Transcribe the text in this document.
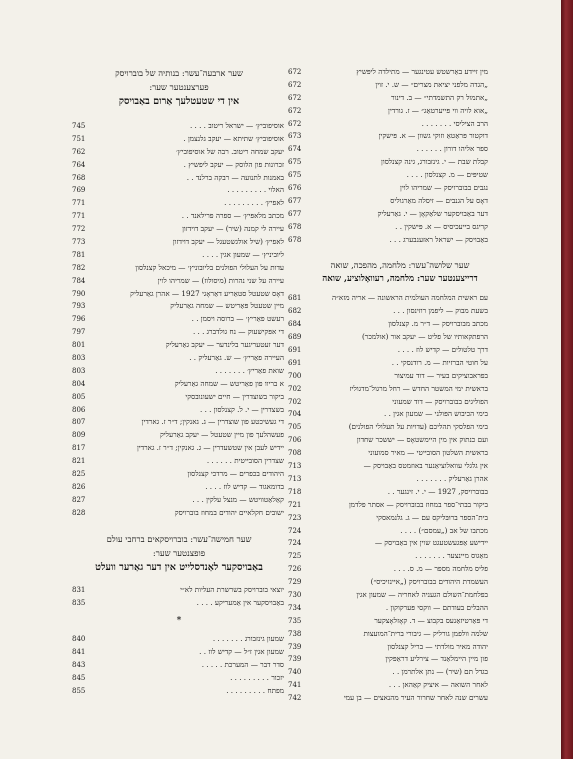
672	מין זיידע באַרשטש עטינגער — מתילדה ליפּשיץ
672	„הגדה מלפני יציאת מצרים״ — ש. י. זוין
672	„אתמול רק התשמדתי״ — ב. דינור
672	„אוא לויה ווי פּייערטאַג״ — ז. גורדין
672	הרב הציליסי . . . . . . .
673	דוקטור פּראַטאַ וזוקי גשוון — א. פּישקין
674	ספר אליהו דורון . . . . . .
675	קבלת שבת — י. גינזבורג, גינה קצנלסון
675	שטיפּים — מ. קצנלסון . . . .
676	נגבים בבוברויסק — שמריהו לוין
677	דאָס על הגנבים — זיסלה מאַרגוליס
677	דער באַבויסקער שלאַקאָן — י. גאַרעליק
678	קריגס בייעכיסיס — א. פּישקין . .
678	באַבויסק — ישראל ראזענבערג . . .
שער שלושה־עשר: מלחמה, מהפכה, שואה
דרייצענטער שער: מלחמה, רעוואָלוציע, שואה
681	עם ראשית המלחמה העולמית הראשונה — אריה מזא״ה
682	בשעת מבוק — ליפמן רוזינסון . . .
684	מכתב מבוברויסק — ד״ר מ. קצנלסון
689	הרפתקאותיו של פליט — יעקב אור (אולמכר)
691	דרך טלטולים — קדיש לוז . . . .
691	על חוטי הברזיות — מ. רודנסקי . .
700	בפראבוציקים בעיר — דוד עמיצור
702	בראשית ימי המשטר החדש — רחל מרגול־מדגוליז
702	הפוליגים בבוברויסק — דוד שמעוני
704	בימי הכיבוש הפּולני — שמעון אגין . .
705	בימי הפלסקי תהליכם (עדויות על תעלולי הפולנים)
706	ועם כנתוק אין מין היימשטאָס — יששכר שחדון
708	בראשית השלטון הסובייטי — מאיר סמועוני
713	אין גלגלי עוואלוציאַנער באוזמטס באַבויסק —
713	אהרן גאַרעליק . . . . . . .
718	בבוברויסק, 1927 — י. י. זינגער . .
721	ביקור בבתי־ספר במחוז בבוברויסק — אסתר פלדמן
723	בית־הספר ברוּבּליקס עם — ג. גלנמאסקי
724	מכתבו של אב („עמסם״) . . . .
724	יידישע אַפּגעשטעגט שוין אין באַבויסק —
725	מאַגוס מיינצער . . . . . . .
726	פליס מלחמה מספר — מ. ס. . . .
729	העשמדת היהודים בבוברויסק („איינזיכיס״)
730	בפלחמת־השולם הגעניה לאחריה — שמעון אגין
734	ההבלים בעודתם — ווקסי פּערקוקון .
735	די פּאַרטיזאַנעס בקבוצ — ד. קאָזלאָצקער
738	שלמה וולפמן גורליק — גיבורי ברית־המועצות
739	יהודה מאיר מולדתי — בריל קצנלסון
739	פון מיין היימלאַנד — צירליע דראַפּקין
740	בגדל תם (שיר) — נתן אלתרמן . .
741	לאחר השואה — איציק קאַהאן . . .
742	עשרים שנה לאחר שחרור העיר מהנאצים — בן עמי
שער ארבעה־עשר: בנותיה של בוברויסק
פערצענטער שער:
אין די שטעטלעך אַרום באַבויסק
745	אוסיפוביץ׳ — ישראל ריטוב . . . .
751	אוסיפוביץ׳ שתיתא — יעקב גלנצמן .
762	יעקב שמחה ריטוב. רבה של אוסיפוביץ׳
764	זכרונות פון הלוסק — יעקב ליפשיץ .
768	באמנות לתנועה — רבקה ברלנד . .
769	האלוי . . . . . . . . .
771	לאפיץ׳ . . . . . . . . .
771	מכתב מלאפּיץ׳ — ספרה פרילאנד . .
772	עיירה לי קמנה (שיר) — יעקב דוידזון
773	לאפיץ׳ (שיל אולגשטעגל — יעקב דוידזון
781	ליוביניץ׳ — שמעון אגין . . . .
782	עדות על העלולי הפולנים בליובוניץ׳ — מיכאל קצנלסון
784	עיירה על שני נהרות (מיסולוז) — שמריהו לוין
790	דאָס שטעטל סטאַריע דאַראָגי 1927 — אהרן גאַרעליק
793	מיין שטעטל פּאַריטש — שמחה גאַרעליק
796	רעשט פאַריץ׳ — ברוסה ויסמן . .
797	די אפּקישעוק — נח גולדברג . . .
801	דער זעטעריגער בלינדער — יעקב גאַרעליק
803	העיירה פאַריץ׳ — ש. גאַרעליק . .
803	שואת פאַריץ׳ . . . . . . .
804	א בריוו פון פאַריטש — שמחה גאַרעליק
805	ביקור בשוצדרין — חיים ישעונובסקי
806	בשצדרין — י. ל. קצנלסון . . .
807	די געשיכטע פון שוצדרין — ג. גאנקין; ד״ר ז. גארדין
809	פעשהלעך פון מיין שטעטל — יעקב גאַרעליק
817	יידיש לעבן אין שטשעדרין — ג. גאנקין; ד״ר ז. גארדין
821	שצדרין הסובייטית . . . . . .
825	היהודים בכפרים — מרדכי קצנלסון
826	בדומאגוד — קדיש לוז . . . .
827	קאַלאַטוויטש — מנצל עלקין . . .
828	ישובים חקלאיים יהודים במחוז בוברויסק
שער חמישה־עשר: בוברויסקאים ברחבי עולם
פופצנטער שער:
באַבויסקער לאַנדסלייט אין דער גאַרער וועלט
831	יוצאי בוברויסק בשרשרת העליות לא״י
835	באַבויסקער אין אַמעריקע . . . .
*
840	שמעון גינזבורג . . . . . . .
841	שמעון אגין ז״ל — קדיש לוז . .
843	סדר דבר — המערכת . . . . .
845	יזכור . . . . . . . . .
855	מפתח . . . . . . . . .
